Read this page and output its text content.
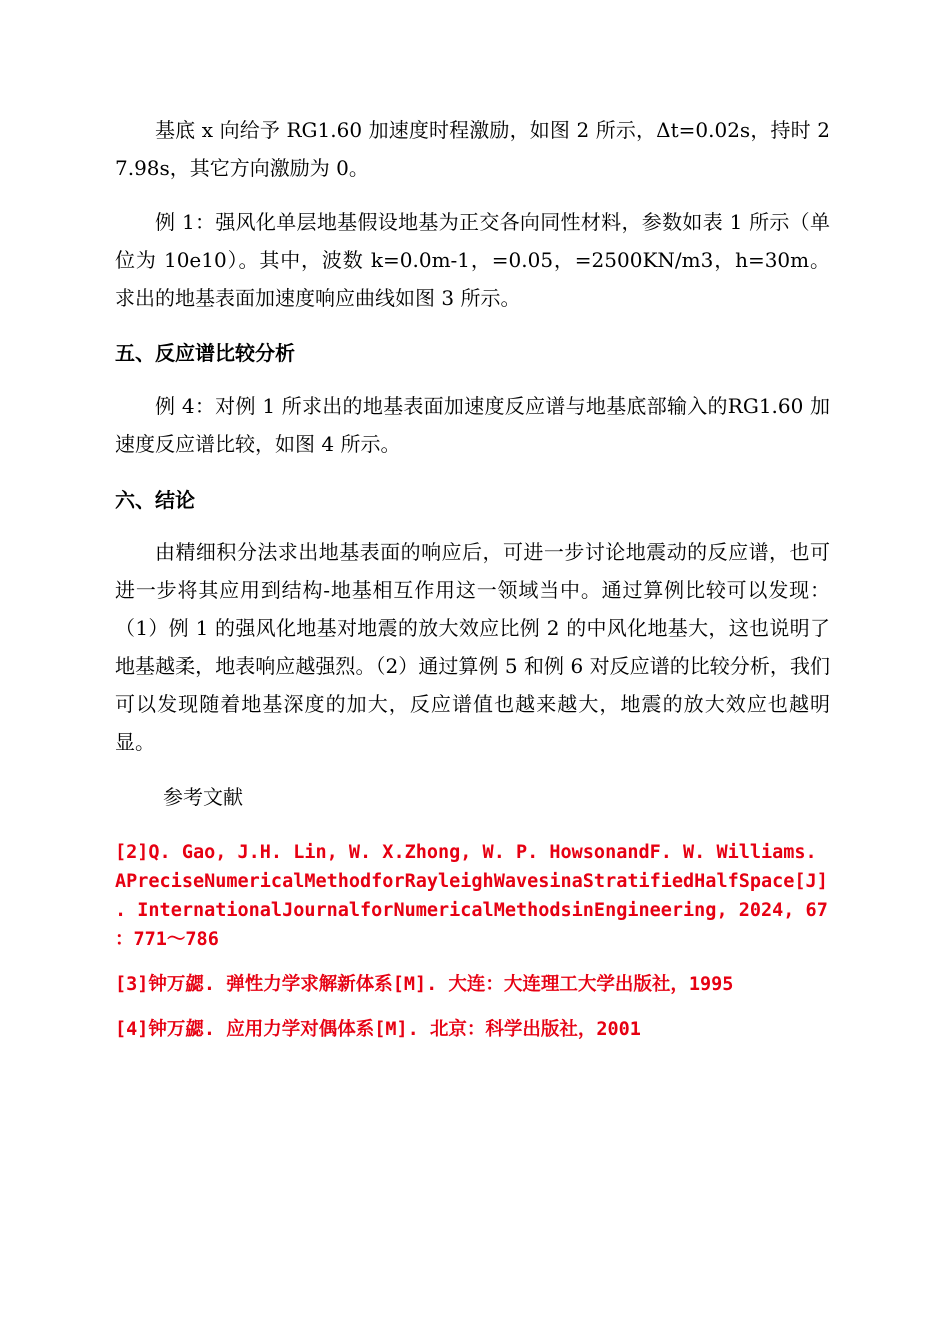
基底 x 向给予 RG1.60 加速度时程激励，如图 2 所示，Δt=0.02s，持时 27.98s，其它方向激励为 0。

例 1：强风化单层地基假设地基为正交各向同性材料，参数如表 1 所示（单位为 10e10）。其中，波数 k=0.0m-1，=0.05，=2500KN/m3，h=30m。求出的地基表面加速度响应曲线如图 3 所示。

五、反应谱比较分析

例 4：对例 1 所求出的地基表面加速度反应谱与地基底部输入的RG1.60 加速度反应谱比较，如图 4 所示。

六、结论

由精细积分法求出地基表面的响应后，可进一步讨论地震动的反应谱，也可进一步将其应用到结构-地基相互作用这一领域当中。通过算例比较可以发现：（1）例 1 的强风化地基对地震的放大效应比例 2 的中风化地基大，这也说明了地基越柔，地表响应越强烈。（2）通过算例 5 和例 6 对反应谱的比较分析，我们可以发现随着地基深度的加大，反应谱值也越来越大，地震的放大效应也越明显。

参考文献

[2]Q. Gao, J.H. Lin, W. X.Zhong, W. P. HowsonandF. W. Williams.
APreciseNumericalMethodforRayleighWavesinaStratifiedHalfSpace[J]
. InternationalJournalforNumericalMethodsinEngineering, 2024, 67
：771～786
[3]钟万勰. 弹性力学求解新体系[M]. 大连：大连理工大学出版社，1995
[4]钟万勰. 应用力学对偶体系[M]. 北京：科学出版社，2001
